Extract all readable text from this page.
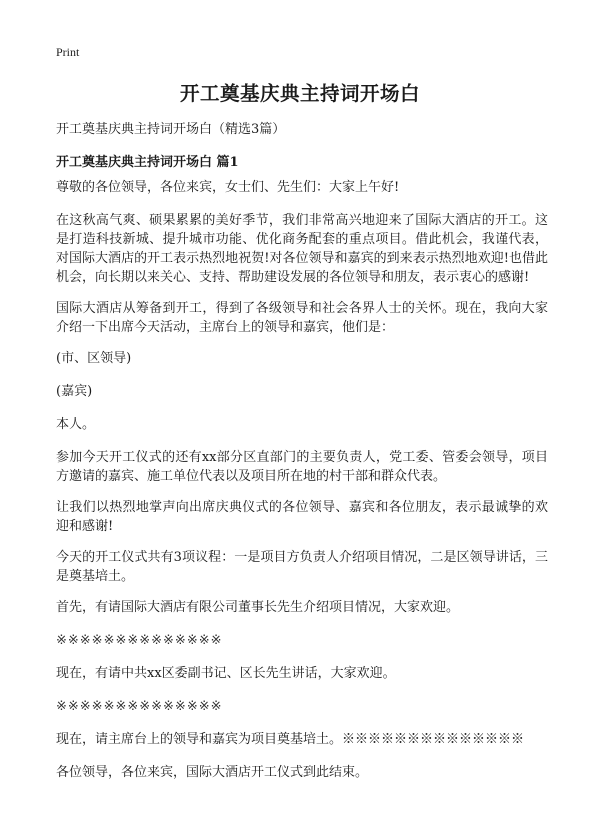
Print
开工奠基庆典主持词开场白
开工奠基庆典主持词开场白（精选3篇）
开工奠基庆典主持词开场白 篇1

尊敬的各位领导，各位来宾，女士们、先生们：大家上午好!

在这秋高气爽、硕果累累的美好季节，我们非常高兴地迎来了国际大酒店的开工。这是打造科技新城、提升城市功能、优化商务配套的重点项目。借此机会，我谨代表，对国际大酒店的开工表示热烈地祝贺!对各位领导和嘉宾的到来表示热烈地欢迎!也借此机会，向长期以来关心、支持、帮助建设发展的各位领导和朋友，表示衷心的感谢!

国际大酒店从筹备到开工，得到了各级领导和社会各界人士的关怀。现在，我向大家介绍一下出席今天活动，主席台上的领导和嘉宾，他们是：

(市、区领导)

(嘉宾)

本人。

参加今天开工仪式的还有xx部分区直部门的主要负责人，党工委、管委会领导，项目方邀请的嘉宾、施工单位代表以及项目所在地的村干部和群众代表。

让我们以热烈地掌声向出席庆典仪式的各位领导、嘉宾和各位朋友，表示最诚挚的欢迎和感谢!

今天的开工仪式共有3项议程：一是项目方负责人介绍项目情况，二是区领导讲话，三是奠基培土。

首先，有请国际大酒店有限公司董事长先生介绍项目情况，大家欢迎。

※※※※※※※※※※※※※※

现在，有请中共xx区委副书记、区长先生讲话，大家欢迎。

※※※※※※※※※※※※※※

现在，请主席台上的领导和嘉宾为项目奠基培土。※※※※※※※※※※※※※※

各位领导，各位来宾，国际大酒店开工仪式到此结束。
